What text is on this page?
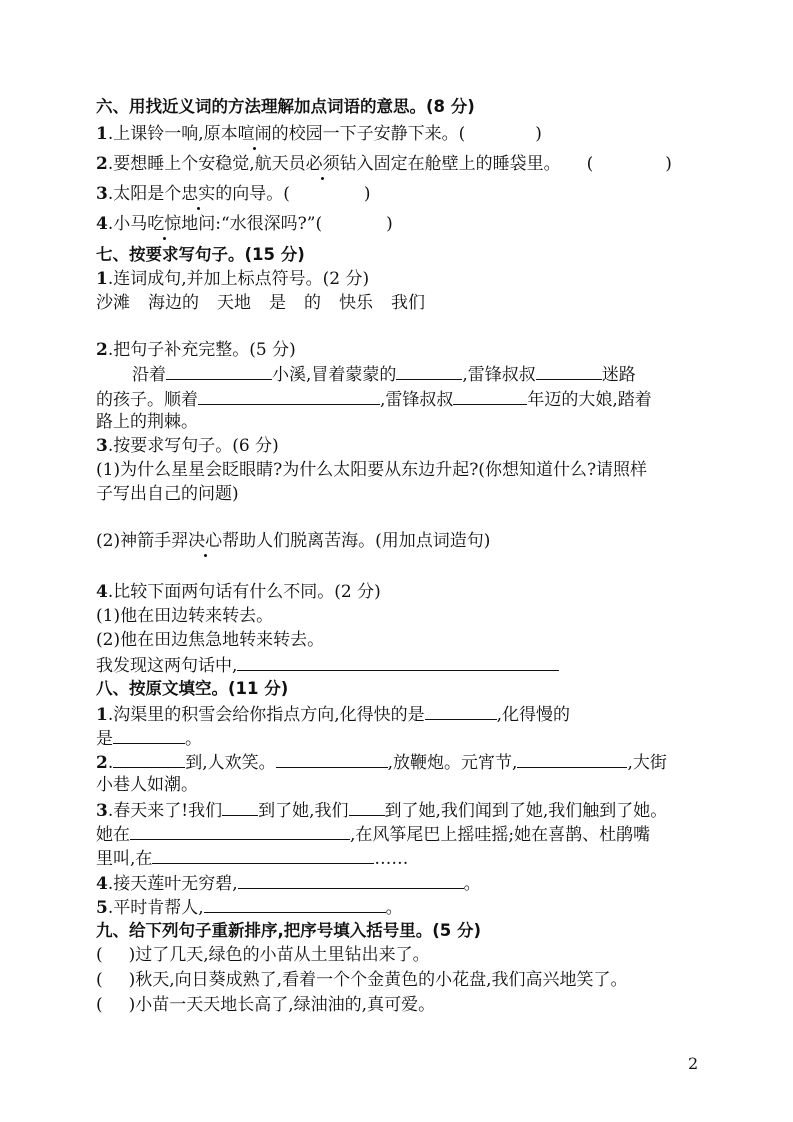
六、用找近义词的方法理解加点词语的意思。(8 分)
1.上课铃一响,原本喧闹的校园一下子安静下来。(	)
2.要想睡上个安稳觉,航天员必须钻入固定在舱壁上的睡袋里。 (	)
3.太阳是个忠实的向导。(	)
4.小马吃惊地问:“水很深吗?”(	)
七、按要求写句子。(15 分)
1.连词成句,并加上标点符号。(2 分)
沙滩 海边的 天地 是 的 快乐 我们
2.把句子补充完整。(5 分)
沿着	小溪,冒着蒙蒙的	,雷锋叔叔	迷路
的孩子。顺着	,雷锋叔叔	年迈的大娘,踏着
路上的荆棘。
3.按要求写句子。(6 分)
(1)为什么星星会眨眼睛?为什么太阳要从东边升起?(你想知道什么?请照样
子写出自己的问题)
(2)神箭手羿决心帮助人们脱离苦海。(用加点词造句)
4.比较下面两句话有什么不同。(2 分)
(1)他在田边转来转去。
(2)他在田边焦急地转来转去。
我发现这两句话中,
八、按原文填空。(11 分)
1.沟渠里的积雪会给你指点方向,化得快的是	,化得慢的
是	。
2.	到,人欢笑。	,放鞭炮。元宵节,	,大街
小巷人如潮。
3.春天来了!我们 到了她,我们 到了她,我们闻到了她,我们触到了她。
她在	,在风筝尾巴上摇哇摇;她在喜鹊、杜鹃嘴
里叫,在	……
4.接天莲叶无穷碧,	。
5.平时肯帮人,	。
九、给下列句子重新排序,把序号填入括号里。(5 分)
( )过了几天,绿色的小苗从土里钻出来了。
( )秋天,向日葵成熟了,看着一个个金黄色的小花盘,我们高兴地笑了。
( )小苗一天天地长高了,绿油油的,真可爱。
2
